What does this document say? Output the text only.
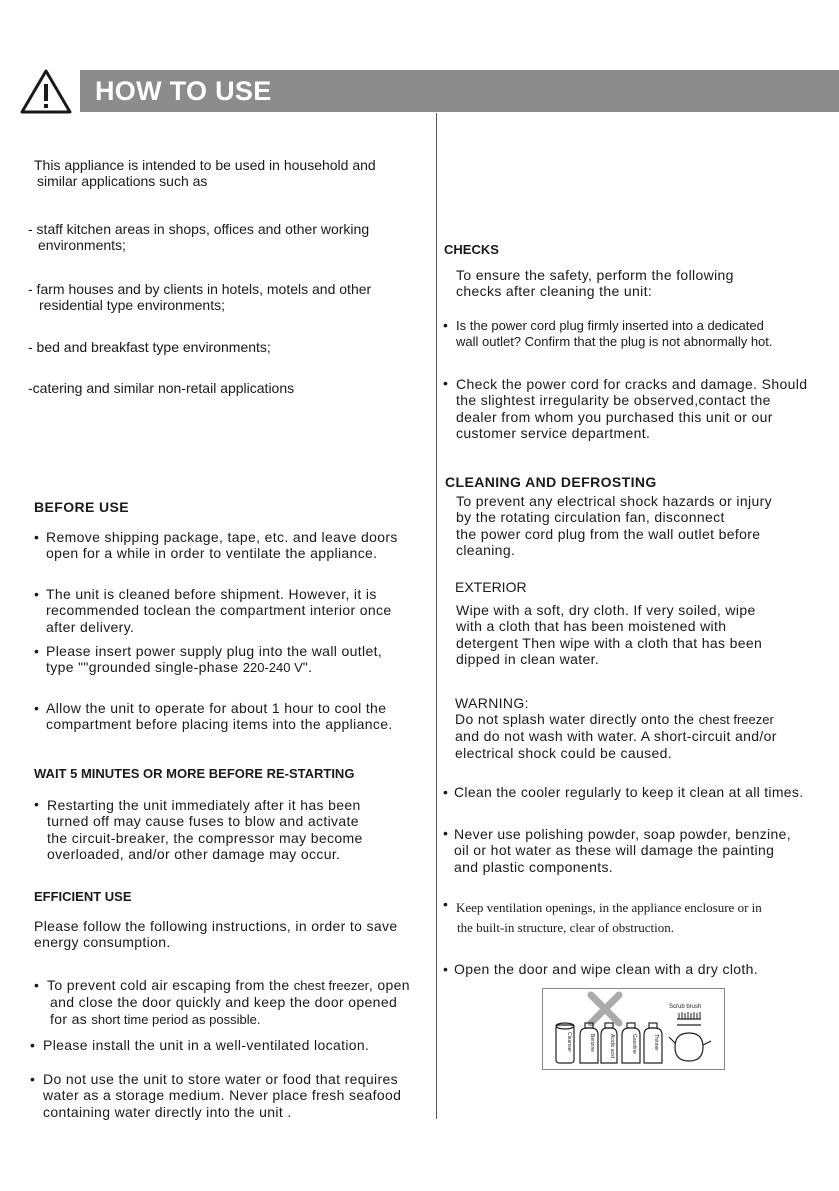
HOW TO USE
This appliance is intended to be used in household and
similar applications such as
- staff kitchen areas in shops, offices and other working
environments;
- farm houses and by clients in hotels, motels and other
residential type environments;
- bed and breakfast type environments;
-catering and similar non-retail applications
BEFORE USE
• Remove shipping package, tape, etc. and leave doors
open for a while in order to ventilate the appliance.
• The unit is cleaned before shipment. However, it is
recommended toclean the compartment interior once
after delivery.
• Please insert power supply plug into the wall outlet,
type ""grounded single-phase 220-240 V".
• Allow the unit to operate for about 1 hour to cool the
compartment before placing items into the appliance.
WAIT 5 MINUTES OR MORE BEFORE RE-STARTING
• Restarting the unit immediately after it has been
turned off may cause fuses to blow and activate
the circuit-breaker, the compressor may become
overloaded, and/or other damage may occur.
EFFICIENT USE
Please follow the following instructions, in order to save
energy consumption.
• To prevent cold air escaping from the chest freezer, open
and close the door quickly and keep the door opened
for as short time period as possible.
• Please install the unit in a well-ventilated location.
• Do not use the unit to store water or food that requires
water as a storage medium. Never place fresh seafood
containing water directly into the unit .
CHECKS
To ensure the safety, perform the following
checks after cleaning the unit:
• Is the power cord plug firmly inserted into a dedicated
wall outlet? Confirm that the plug is not abnormally hot.
• Check the power cord for cracks and damage. Should
the slightest irregularity be observed,contact the
dealer from whom you purchased this unit or our
customer service department.
CLEANING AND DEFROSTING
To prevent any electrical shock hazards or injury
by the rotating circulation fan, disconnect
the power cord plug from the wall outlet before
cleaning.
EXTERIOR
Wipe with a soft, dry cloth. If very soiled, wipe
with a cloth that has been moistened with
detergent Then wipe with a cloth that has been
dipped in clean water.
WARNING:
Do not splash water directly onto the chest freezer
and do not wash with water. A short-circuit and/or
electrical shock could be caused.
• Clean the cooler regularly to keep it clean at all times.
• Never use polishing powder, soap powder, benzine,
oil or hot water as these will damage the painting
and plastic components.
• Keep ventilation openings, in the appliance enclosure or in
the built-in structure, clear of obstruction.
• Open the door and wipe clean with a dry cloth.
Scrub brush
Cleanser	Benzine	Acidic acid	Gasoline	Thinner
